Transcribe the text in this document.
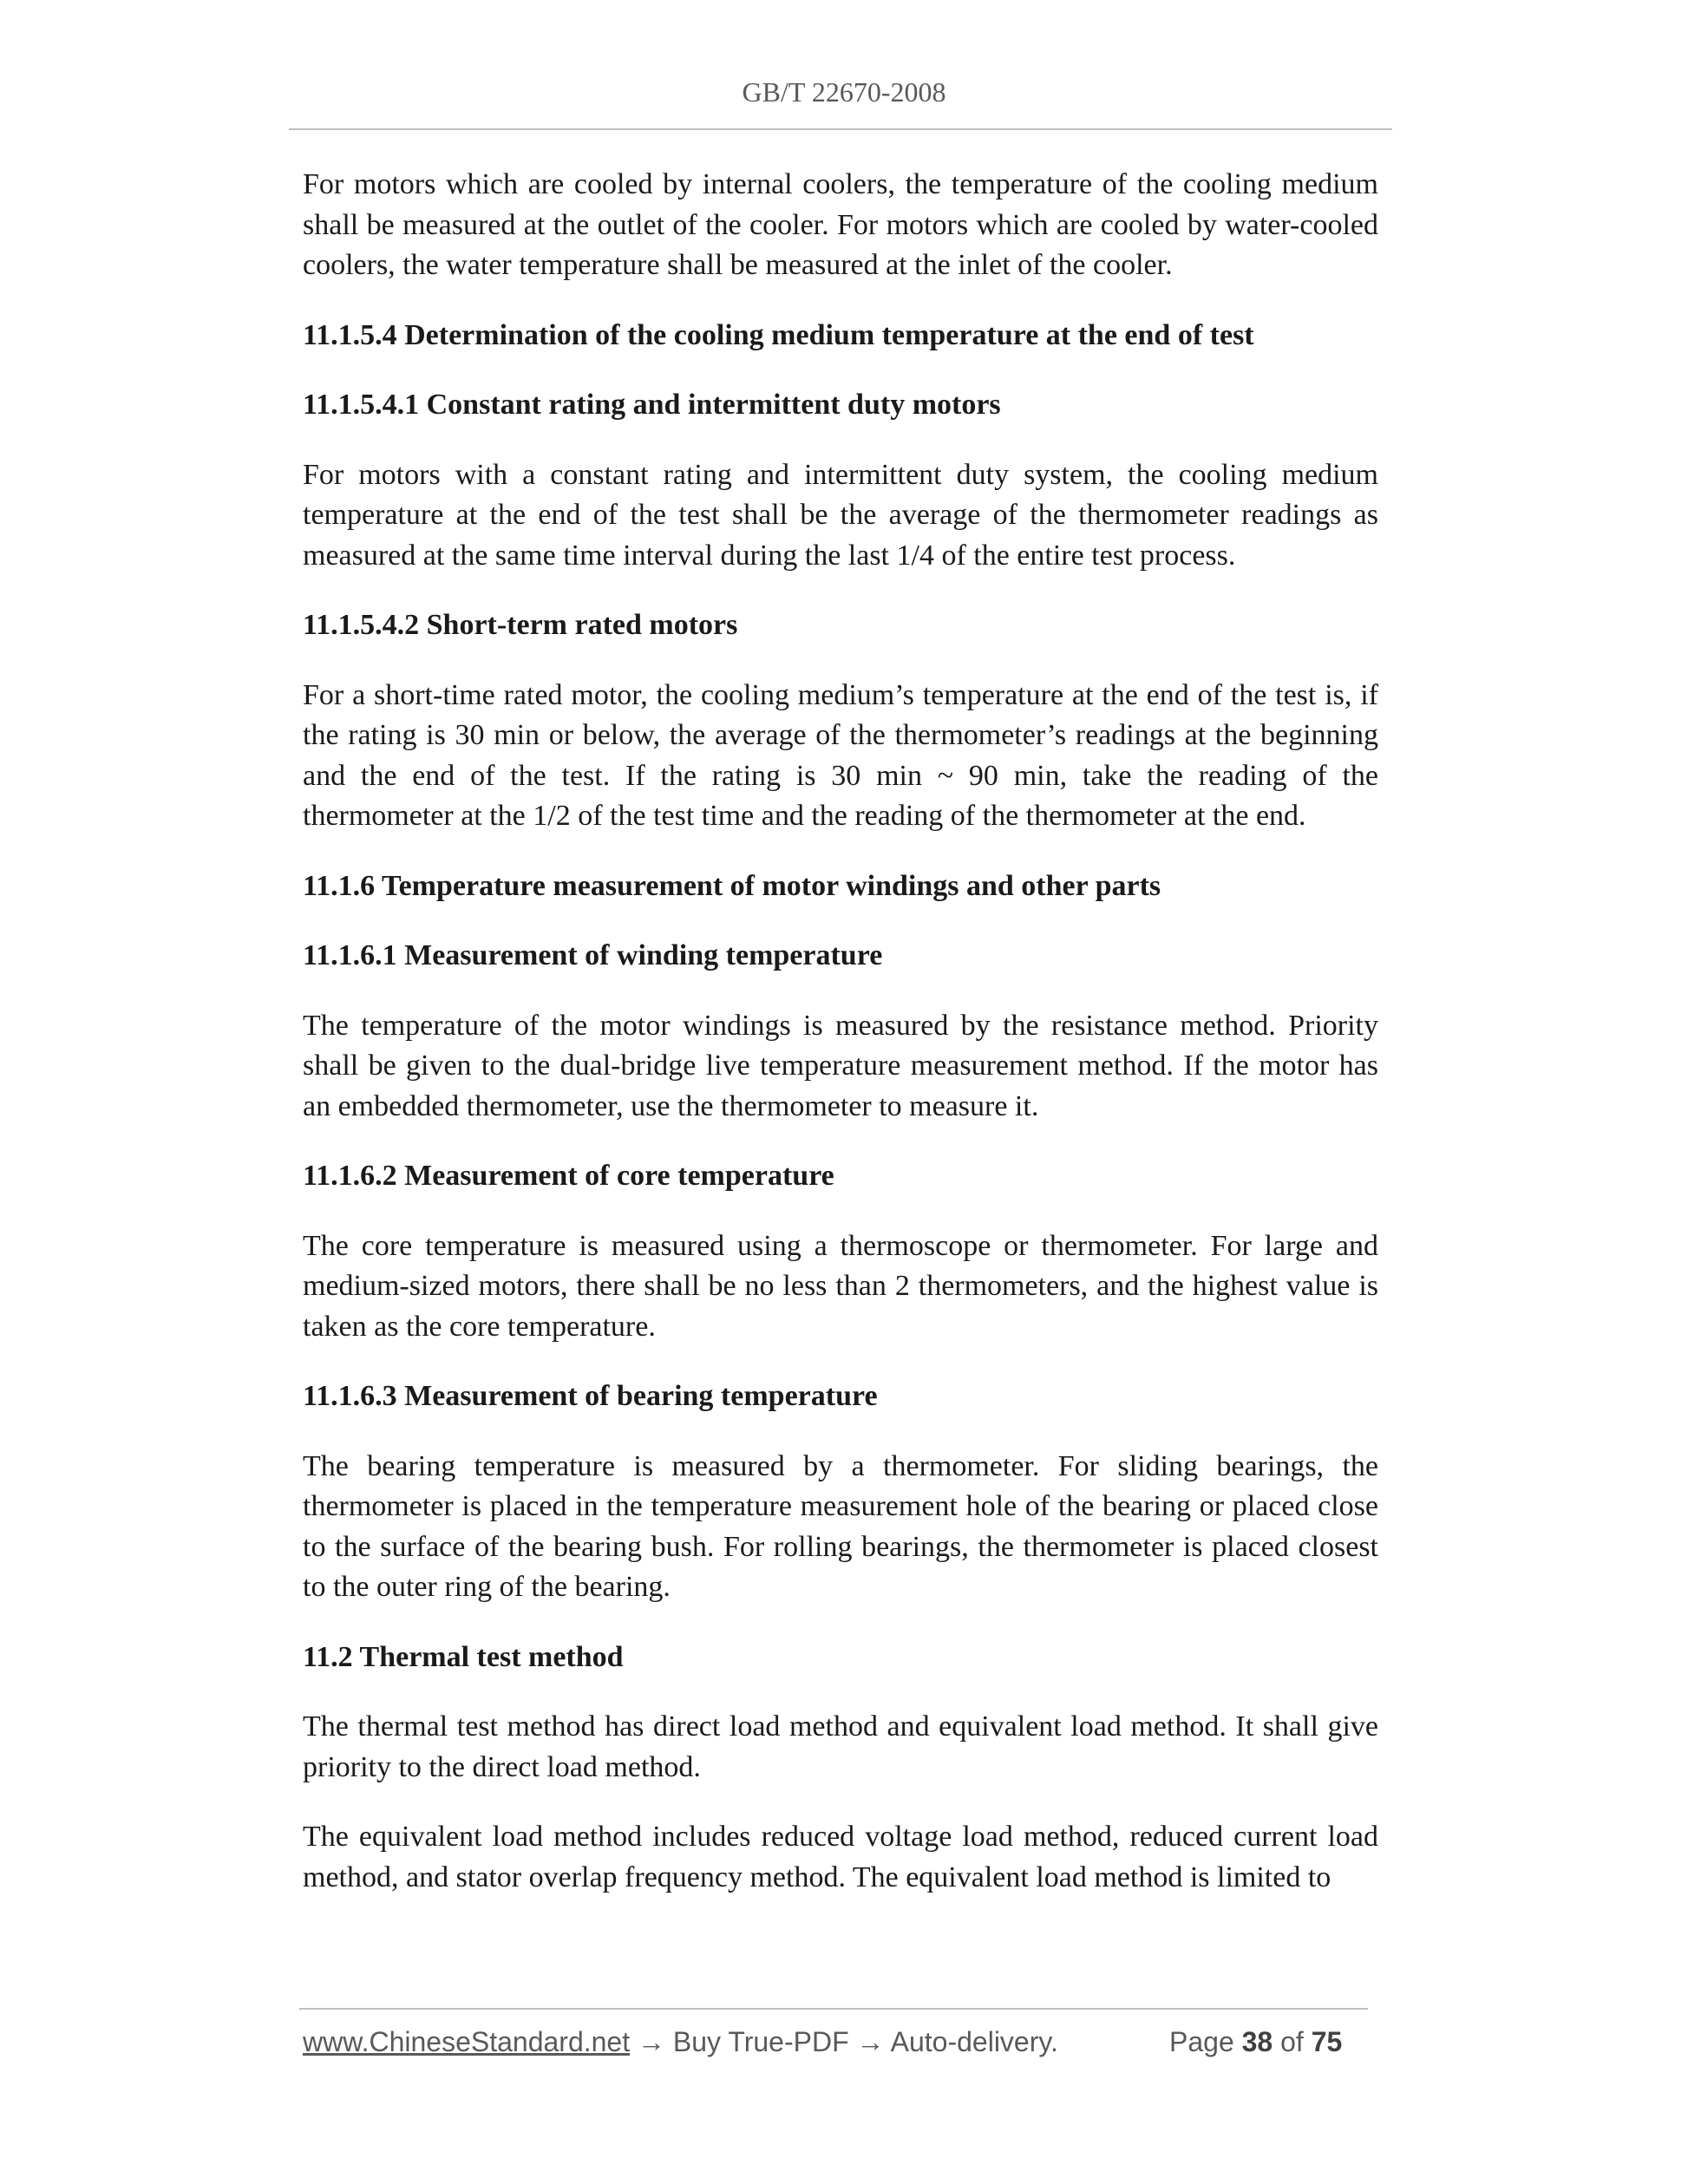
GB/T 22670-2008

For motors which are cooled by internal coolers, the temperature of the cooling medium shall be measured at the outlet of the cooler. For motors which are cooled by water-cooled coolers, the water temperature shall be measured at the inlet of the cooler.

11.1.5.4 Determination of the cooling medium temperature at the end of test
11.1.5.4.1 Constant rating and intermittent duty motors

For motors with a constant rating and intermittent duty system, the cooling medium temperature at the end of the test shall be the average of the thermometer readings as measured at the same time interval during the last 1/4 of the entire test process.

11.1.5.4.2 Short-term rated motors

For a short-time rated motor, the cooling medium’s temperature at the end of the test is, if the rating is 30 min or below, the average of the thermometer’s readings at the beginning and the end of the test. If the rating is 30 min ~ 90 min, take the reading of the thermometer at the 1/2 of the test time and the reading of the thermometer at the end.

11.1.6 Temperature measurement of motor windings and other parts
11.1.6.1 Measurement of winding temperature

The temperature of the motor windings is measured by the resistance method. Priority shall be given to the dual-bridge live temperature measurement method. If the motor has an embedded thermometer, use the thermometer to measure it.

11.1.6.2 Measurement of core temperature

The core temperature is measured using a thermoscope or thermometer. For large and medium-sized motors, there shall be no less than 2 thermometers, and the highest value is taken as the core temperature.

11.1.6.3 Measurement of bearing temperature

The bearing temperature is measured by a thermometer. For sliding bearings, the thermometer is placed in the temperature measurement hole of the bearing or placed close to the surface of the bearing bush. For rolling bearings, the thermometer is placed closest to the outer ring of the bearing.

11.2 Thermal test method

The thermal test method has direct load method and equivalent load method. It shall give priority to the direct load method.

The equivalent load method includes reduced voltage load method, reduced current load method, and stator overlap frequency method. The equivalent load method is limited to

www.ChineseStandard.net → Buy True-PDF → Auto-delivery.	Page 38 of 75
